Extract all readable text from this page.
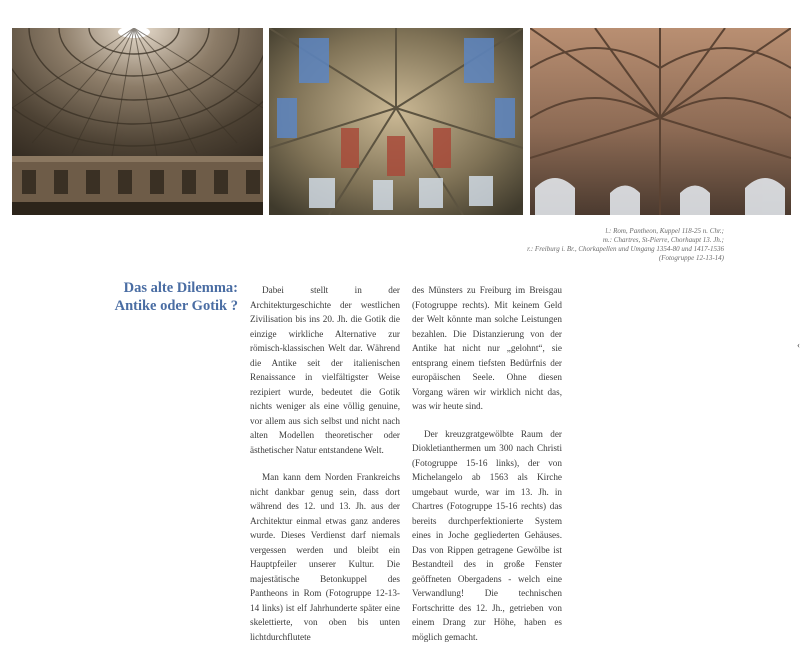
l.: Rom, Pantheon, Kuppel 118-25 n. Chr.;
m.: Chartres, St-Pierre, Chorhaupt 13. Jh.;
r.: Freiburg i. Br., Chorkapellen und Umgang 1354-80 und 1417-1536
(Fotogruppe 12-13-14)
Das alte Dilemma:
Antike oder Gotik ?

Dabei stellt in der Architekturgeschichte der westlichen Zivilisation bis ins 20. Jh. die Gotik die einzige wirkliche Alternative zur römisch-klassischen Welt dar. Während die Antike seit der italienischen Renaissance in vielfältigster Weise rezipiert wurde, bedeutet die Gotik nichts weniger als eine völlig genuine, vor allem aus sich selbst und nicht nach alten Modellen theoretischer oder ästhetischer Natur entstandene Welt.

Man kann dem Norden Frankreichs nicht dankbar genug sein, dass dort während des 12. und 13. Jh. aus der Architektur einmal etwas ganz anderes wurde. Dieses Verdienst darf niemals vergessen werden und bleibt ein Hauptpfeiler unserer Kultur. Die majestätische Betonkuppel des Pantheons in Rom (Fotogruppe 12-13-14 links) ist elf Jahrhunderte später eine skelettierte, von oben bis unten lichtdurchflutete

des Münsters zu Freiburg im Breisgau (Fotogruppe rechts). Mit keinem Geld der Welt könnte man solche Leistungen bezahlen. Die Distanzierung von der Antike hat nicht nur „gelohnt“, sie entsprang einem tiefsten Bedürfnis der europäischen Seele. Ohne diesen Vorgang wären wir wirklich nicht das, was wir heute sind.

Der kreuzgratgewölbte Raum der Diokletianthermen um 300 nach Christi (Fotogruppe 15-16 links), der von Michelangelo ab 1563 als Kirche umgebaut wurde, war im 13. Jh. in Chartres (Fotogruppe 15-16 rechts) das bereits durchperfektionierte System eines in Joche gegliederten Gehäuses. Das von Rippen getragene Gewölbe ist Bestandteil des in große Fenster geöffneten Obergadens - welch eine Verwandlung! Die technischen Fortschritte des 12. Jh., getrieben von einem Drang zur Höhe, haben es möglich gemacht.

‹
